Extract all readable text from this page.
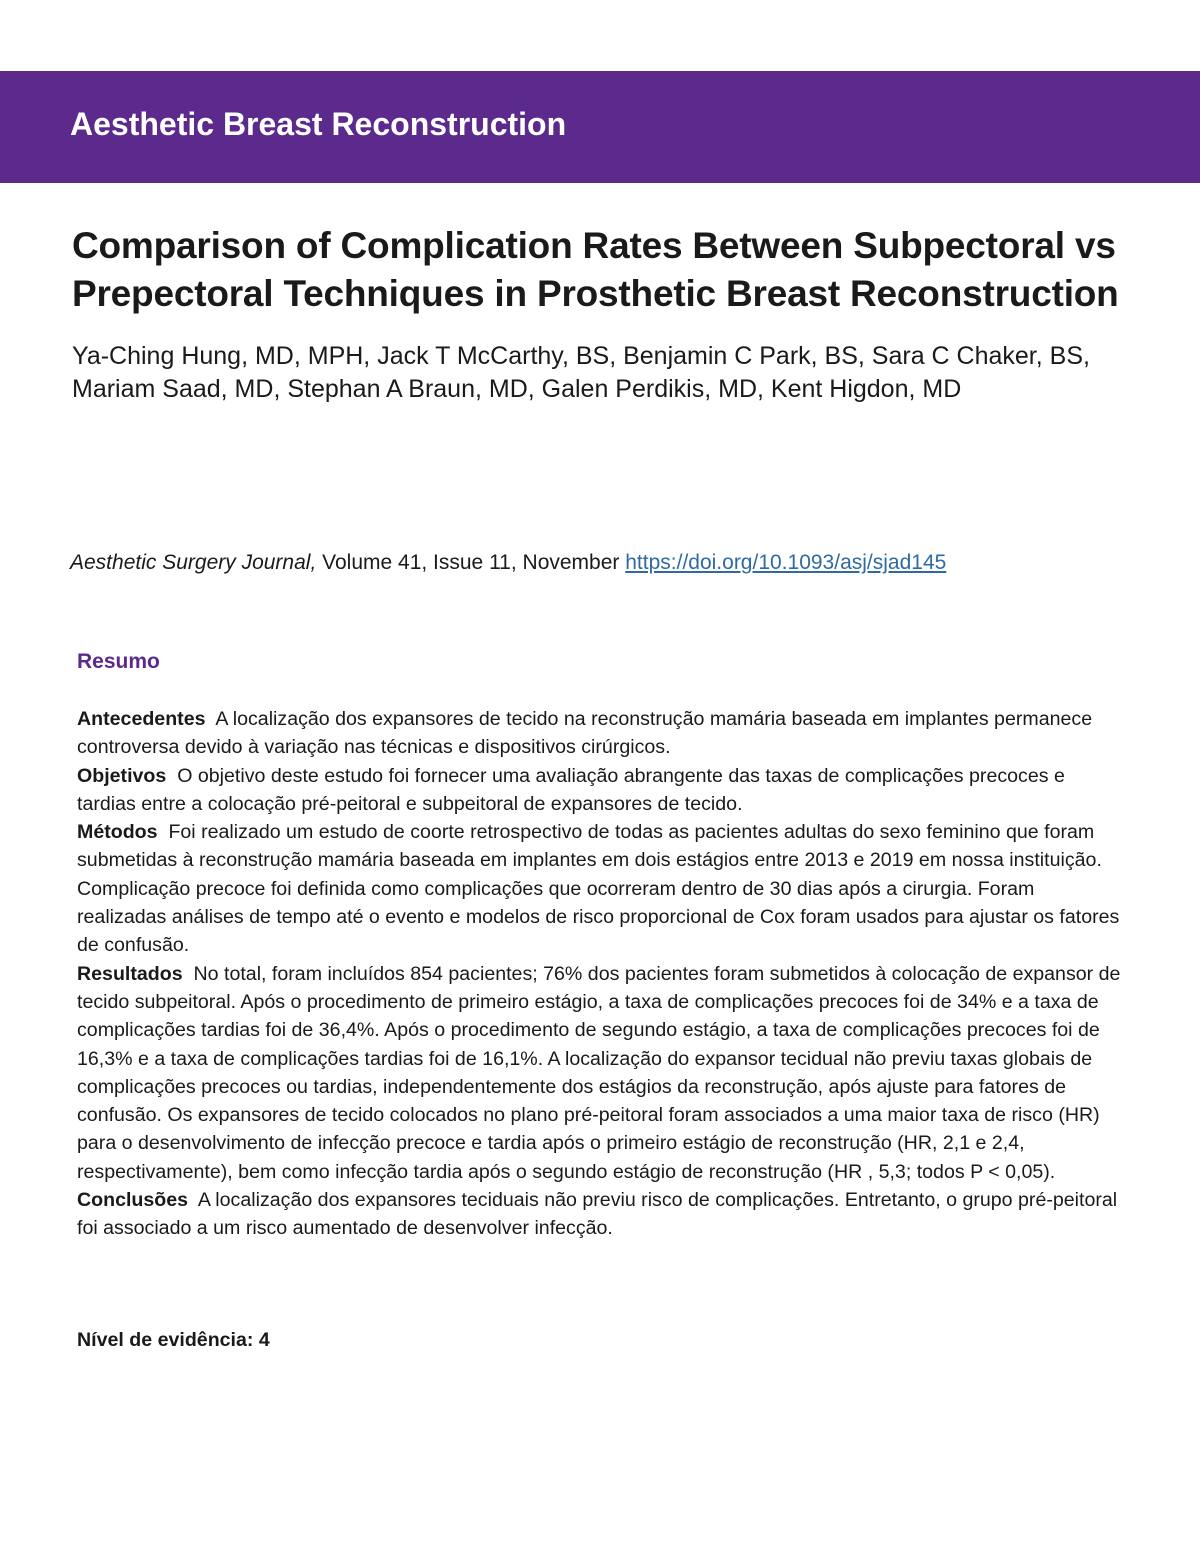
Aesthetic Breast Reconstruction
Comparison of Complication Rates Between Subpectoral vs Prepectoral Techniques in Prosthetic Breast Reconstruction

Ya-Ching Hung, MD, MPH, Jack T McCarthy, BS, Benjamin C Park, BS, Sara C Chaker, BS, Mariam Saad, MD, Stephan A Braun, MD, Galen Perdikis, MD, Kent Higdon, MD

Aesthetic Surgery Journal, Volume 41, Issue 11, November https://doi.org/10.1093/asj/sjad145

Resumo

Antecedentes A localização dos expansores de tecido na reconstrução mamária baseada em implantes permanece controversa devido à variação nas técnicas e dispositivos cirúrgicos.

Objetivos O objetivo deste estudo foi fornecer uma avaliação abrangente das taxas de complicações precoces e tardias entre a colocação pré-peitoral e subpeitoral de expansores de tecido.

Métodos Foi realizado um estudo de coorte retrospectivo de todas as pacientes adultas do sexo feminino que foram submetidas à reconstrução mamária baseada em implantes em dois estágios entre 2013 e 2019 em nossa instituição. Complicação precoce foi definida como complicações que ocorreram dentro de 30 dias após a cirurgia. Foram realizadas análises de tempo até o evento e modelos de risco proporcional de Cox foram usados para ajustar os fatores de confusão.

Resultados No total, foram incluídos 854 pacientes; 76% dos pacientes foram submetidos à colocação de expansor de tecido subpeitoral. Após o procedimento de primeiro estágio, a taxa de complicações precoces foi de 34% e a taxa de complicações tardias foi de 36,4%. Após o procedimento de segundo estágio, a taxa de complicações precoces foi de 16,3% e a taxa de complicações tardias foi de 16,1%. A localização do expansor tecidual não previu taxas globais de complicações precoces ou tardias, independentemente dos estágios da reconstrução, após ajuste para fatores de confusão. Os expansores de tecido colocados no plano pré-peitoral foram associados a uma maior taxa de risco (HR) para o desenvolvimento de infecção precoce e tardia após o primeiro estágio de reconstrução (HR, 2,1 e 2,4, respectivamente), bem como infecção tardia após o segundo estágio de reconstrução (HR , 5,3; todos P < 0,05).

Conclusões A localização dos expansores teciduais não previu risco de complicações. Entretanto, o grupo pré-peitoral foi associado a um risco aumentado de desenvolver infecção.

Nível de evidência: 4
